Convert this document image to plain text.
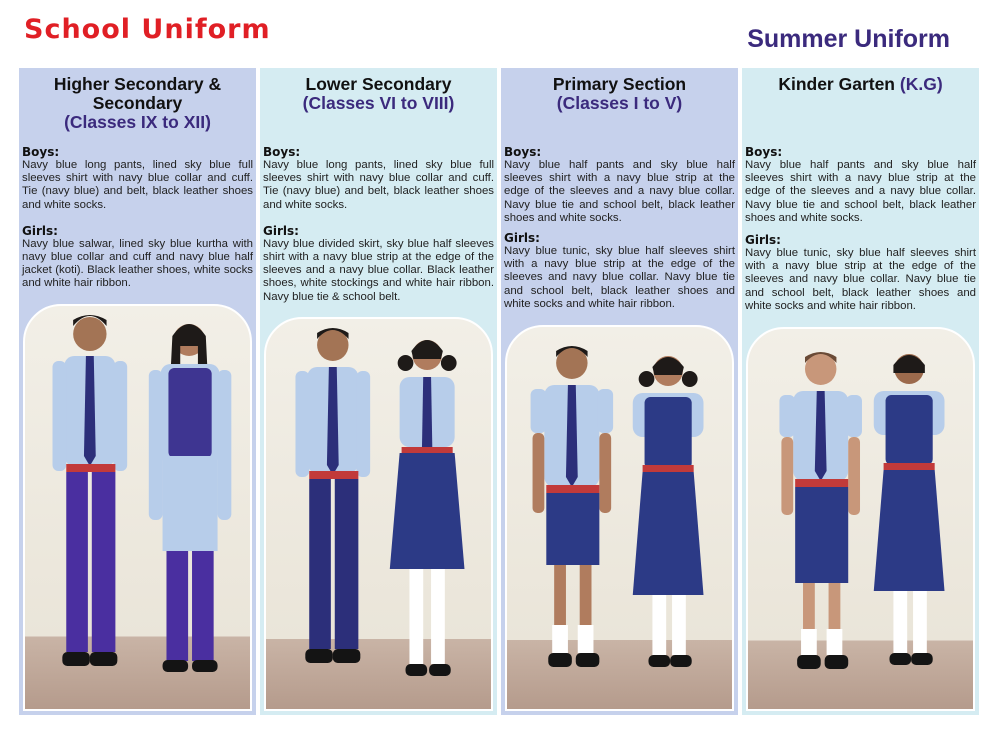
School Uniform	Summer Uniform
Higher Secondary & Secondary
(Classes IX to XII)
Boys:
Navy blue long pants, lined sky blue full sleeves shirt with navy blue collar and cuff. Tie (navy blue) and belt, black leather shoes and white socks.
Girls:
Navy blue salwar, lined sky blue kurtha with navy blue collar and cuff and navy blue half jacket (koti). Black leather shoes, white socks and white hair ribbon.
Lower Secondary
(Classes VI to VIII)
Boys:
Navy blue long pants, lined sky blue full sleeves shirt with navy blue collar and cuff. Tie (navy blue) and belt, black leather shoes and white socks.
Girls:
Navy blue divided skirt, sky blue half sleeves shirt with a navy blue strip at the edge of the sleeves and a navy blue collar. Black leather shoes, white stockings and white hair ribbon. Navy blue tie & school belt.
Primary Section
(Classes I to V)
Boys:
Navy blue half pants and sky blue half sleeves shirt with a navy blue strip at the edge of the sleeves and a navy blue collar. Navy blue tie and school belt, black leather shoes and white socks.
Girls:
Navy blue tunic, sky blue half sleeves shirt with a navy blue strip at the edge of the sleeves and navy blue collar. Navy blue tie and school belt, black leather shoes and white socks and white hair ribbon.
Kinder Garten (K.G)
Boys:
Navy blue half pants and sky blue half sleeves shirt with a navy blue strip at the edge of the sleeves and a navy blue collar. Navy blue tie and school belt, black leather shoes and white socks.
Girls:
Navy blue tunic, sky blue half sleeves shirt with a navy blue strip at the edge of the sleeves and navy blue collar. Navy blue tie and school belt, black leather shoes and white socks and white hair ribbon.
